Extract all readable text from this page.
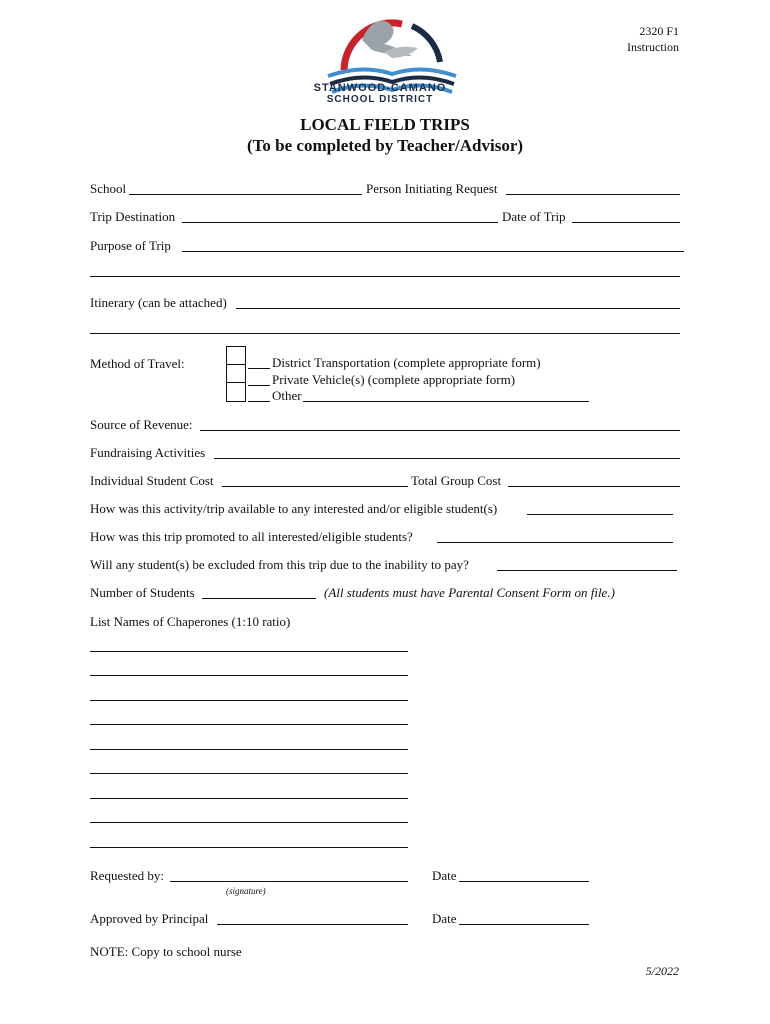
2320 F1
Instruction
STANWOOD-CAMANO
SCHOOL DISTRICT
LOCAL FIELD TRIPS
(To be completed by Teacher/Advisor)
School	Person Initiating Request
Trip Destination	Date of Trip
Purpose of Trip
Itinerary (can be attached)
Method of Travel:	District Transportation (complete appropriate form)
Private Vehicle(s) (complete appropriate form)
Other
Source of Revenue:
Fundraising Activities
Individual Student Cost	Total Group Cost
How was this activity/trip available to any interested and/or eligible student(s)
How was this trip promoted to all interested/eligible students?
Will any student(s) be excluded from this trip due to the inability to pay?
Number of Students	(All students must have Parental Consent Form on file.)
List Names of Chaperones (1:10 ratio)
Requested by:
(signature)
Date
Approved by Principal	Date
NOTE: Copy to school nurse
5/2022
